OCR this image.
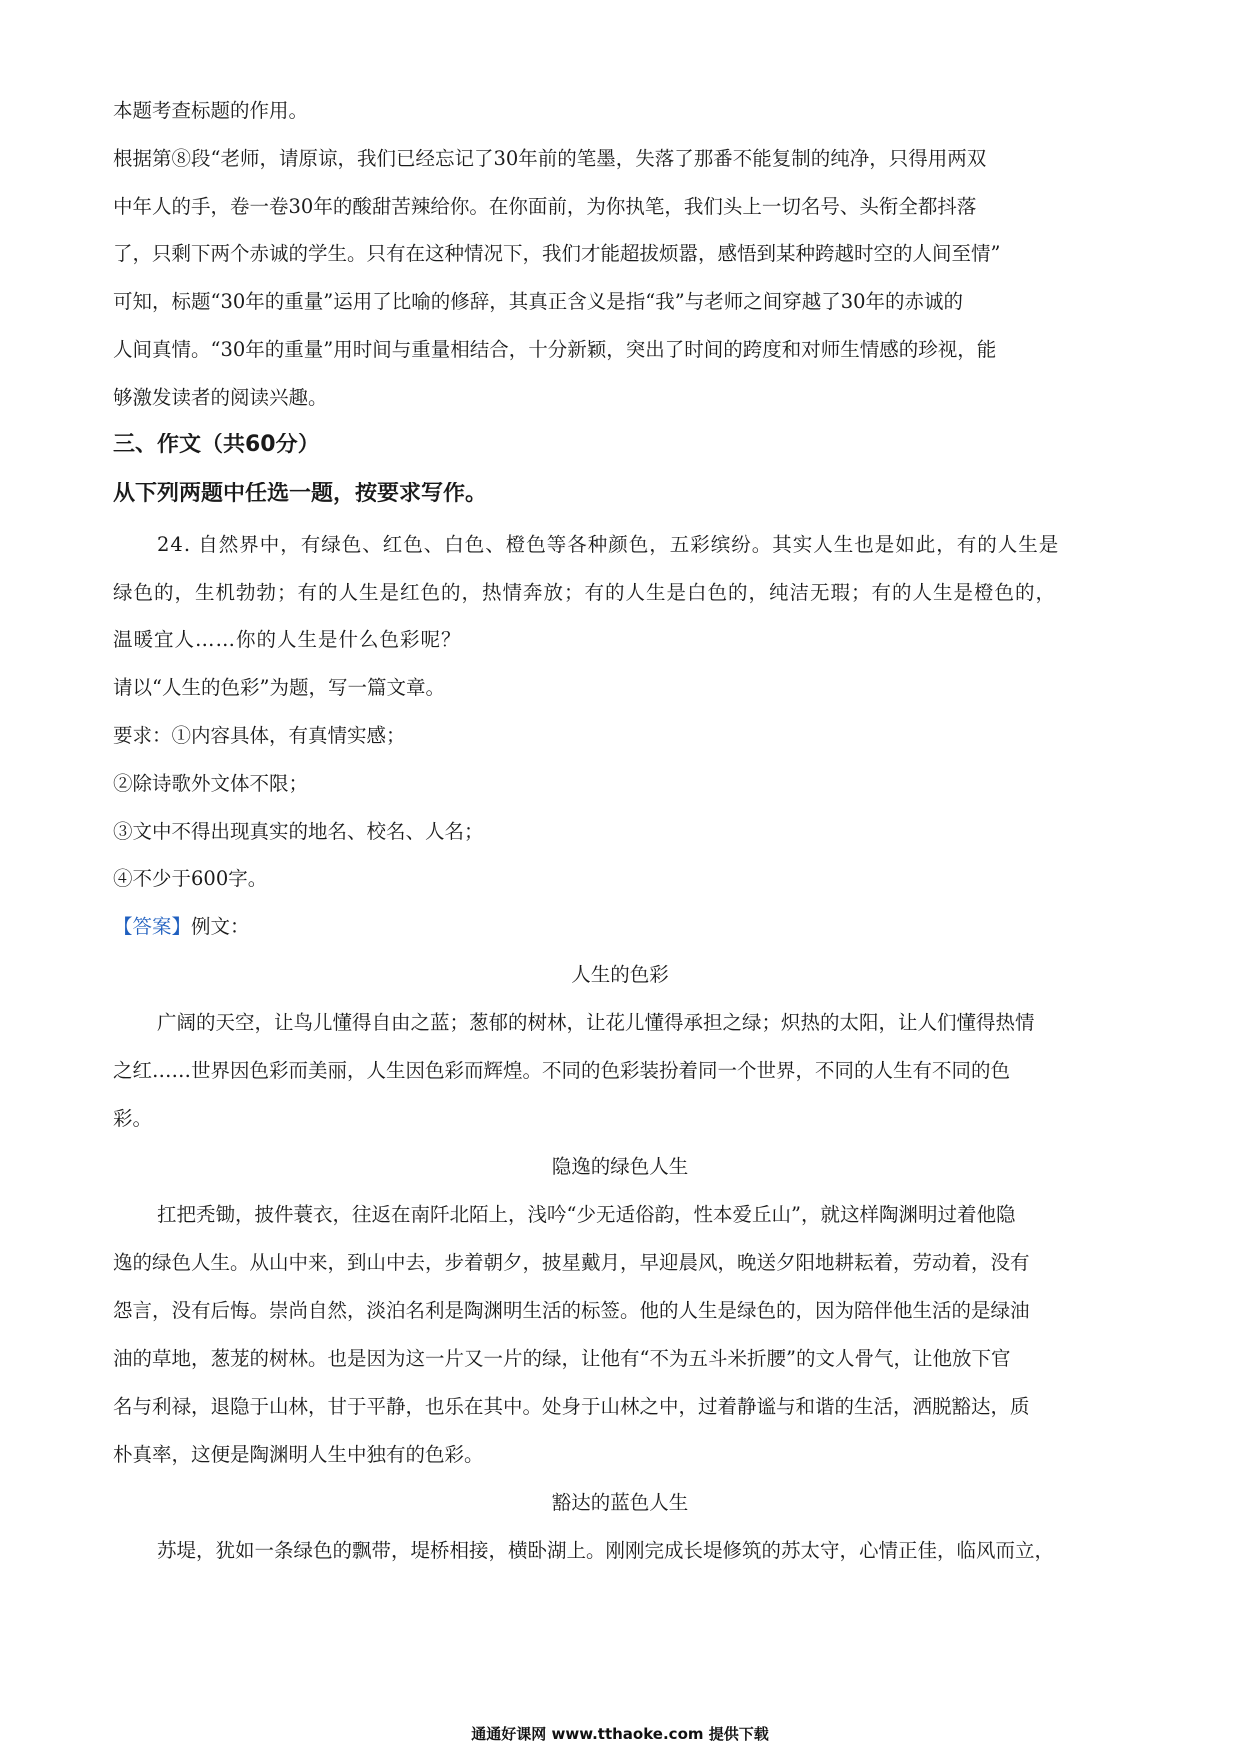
本题考查标题的作用。
根据第⑧段“老师，请原谅，我们已经忘记了30年前的笔墨，失落了那番不能复制的纯净，只得用两双
中年人的手，卷一卷30年的酸甜苦辣给你。在你面前，为你执笔，我们头上一切名号、头衔全都抖落
了，只剩下两个赤诚的学生。只有在这种情况下，我们才能超拔烦嚣，感悟到某种跨越时空的人间至情”
可知，标题“30年的重量”运用了比喻的修辞，其真正含义是指“我”与老师之间穿越了30年的赤诚的
人间真情。“30年的重量”用时间与重量相结合，十分新颖，突出了时间的跨度和对师生情感的珍视，能
够激发读者的阅读兴趣。
三、作文（共60分）
从下列两题中任选一题，按要求写作。
24. 自然界中，有绿色、红色、白色、橙色等各种颜色，五彩缤纷。其实人生也是如此，有的人生是
绿色的，生机勃勃；有的人生是红色的，热情奔放；有的人生是白色的，纯洁无瑕；有的人生是橙色的，
温暖宜人……你的人生是什么色彩呢？
请以“人生的色彩”为题，写一篇文章。
要求：①内容具体，有真情实感；
②除诗歌外文体不限；
③文中不得出现真实的地名、校名、人名；
④不少于600字。
【答案】例文：
人生的色彩
广阔的天空，让鸟儿懂得自由之蓝；葱郁的树林，让花儿懂得承担之绿；炽热的太阳，让人们懂得热情
之红……世界因色彩而美丽，人生因色彩而辉煌。不同的色彩装扮着同一个世界，不同的人生有不同的色
彩。
隐逸的绿色人生
扛把秃锄，披件蓑衣，往返在南阡北陌上，浅吟“少无适俗韵，性本爱丘山”，就这样陶渊明过着他隐
逸的绿色人生。从山中来，到山中去，步着朝夕，披星戴月，早迎晨风，晚送夕阳地耕耘着，劳动着，没有
怨言，没有后悔。崇尚自然，淡泊名利是陶渊明生活的标签。他的人生是绿色的，因为陪伴他生活的是绿油
油的草地，葱茏的树林。也是因为这一片又一片的绿，让他有“不为五斗米折腰”的文人骨气，让他放下官
名与利禄，退隐于山林，甘于平静，也乐在其中。处身于山林之中，过着静谧与和谐的生活，洒脱豁达，质
朴真率，这便是陶渊明人生中独有的色彩。
豁达的蓝色人生
苏堤，犹如一条绿色的飘带，堤桥相接，横卧湖上。刚刚完成长堤修筑的苏太守，心情正佳，临风而立，
通通好课网 www.tthaoke.com 提供下载
